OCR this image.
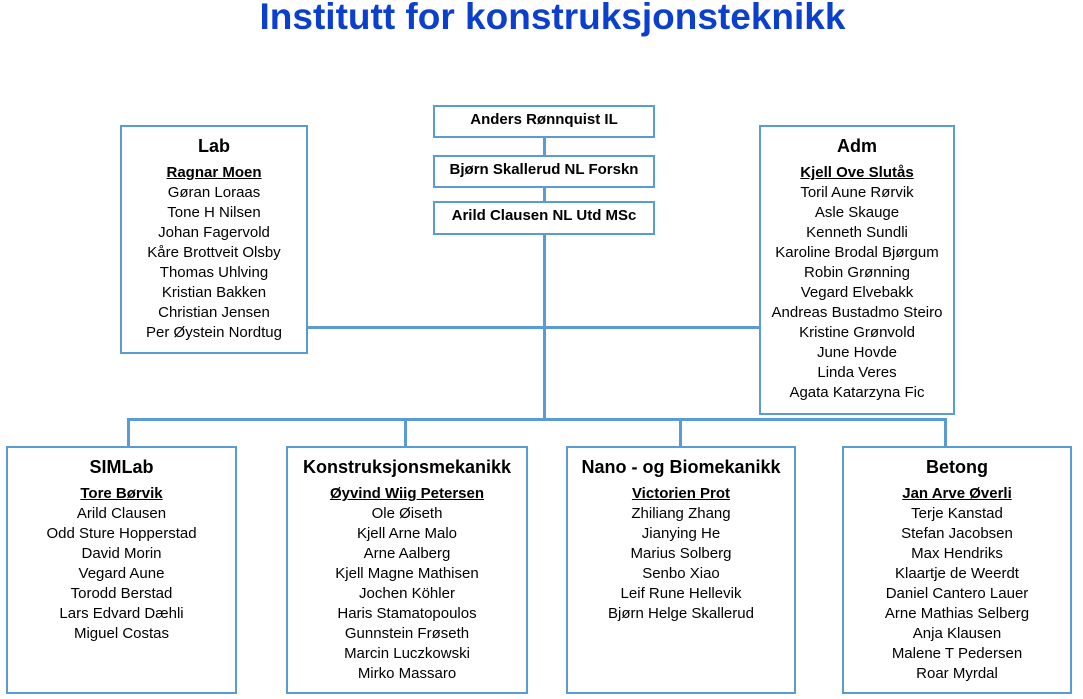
Institutt for konstruksjonsteknikk
Anders Rønnquist IL
Bjørn Skallerud NL Forskn
Arild Clausen NL Utd MSc
Lab
Ragnar Moen
Gøran Loraas
Tone H Nilsen
Johan Fagervold
Kåre Brottveit Olsby
Thomas Uhlving
Kristian Bakken
Christian Jensen
Per Øystein Nordtug
Adm
Kjell Ove Slutås
Toril Aune Rørvik
Asle Skauge
Kenneth Sundli
Karoline Brodal Bjørgum
Robin Grønning
Vegard Elvebakk
Andreas Bustadmo Steiro
Kristine Grønvold
June Hovde
Linda Veres
Agata Katarzyna Fic
SIMLab
Tore Børvik
Arild Clausen
Odd Sture Hopperstad
David Morin
Vegard Aune
Torodd Berstad
Lars Edvard Dæhli
Miguel Costas
Konstruksjonsmekanikk
Øyvind Wiig Petersen
Ole Øiseth
Kjell Arne Malo
Arne Aalberg
Kjell Magne Mathisen
Jochen Köhler
Haris Stamatopoulos
Gunnstein Frøseth
Marcin Luczkowski
Mirko Massaro
Nano - og Biomekanikk
Victorien Prot
Zhiliang Zhang
Jianying He
Marius Solberg
Senbo Xiao
Leif Rune Hellevik
Bjørn Helge Skallerud
Betong
Jan Arve Øverli
Terje Kanstad
Stefan Jacobsen
Max Hendriks
Klaartje de Weerdt
Daniel Cantero Lauer
Arne Mathias Selberg
Anja Klausen
Malene T Pedersen
Roar Myrdal
